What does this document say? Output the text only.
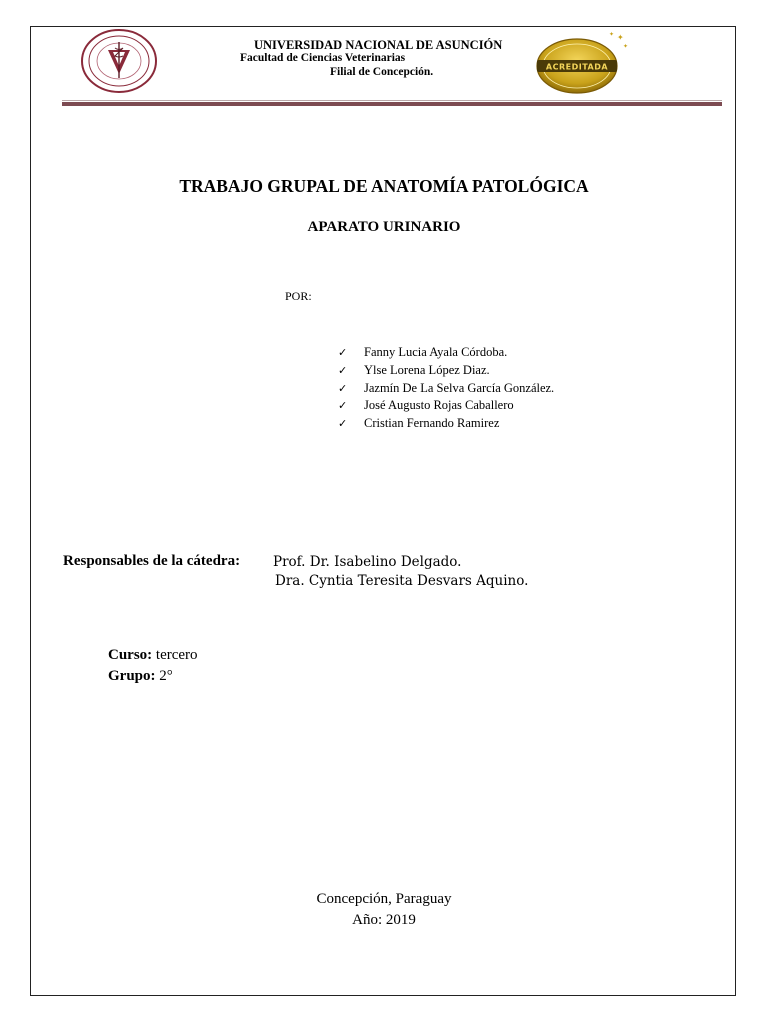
ACREDITADA
✦
✦
✦
UNIVERSIDAD NACIONAL DE ASUNCIÓN
Facultad de Ciencias Veterinarias
Filial de Concepción.
TRABAJO GRUPAL DE ANATOMÍA PATOLÓGICA
APARATO URINARIO
POR:
✓	Fanny Lucia Ayala Córdoba.
✓	Ylse Lorena López Diaz.
✓	Jazmín De La Selva García González.
✓	José Augusto Rojas Caballero
✓	Cristian Fernando Ramirez
Responsables de la cátedra: Prof. Dr. Isabelino Delgado.
Dra. Cyntia Teresita Desvars Aquino.
Curso: tercero
Grupo: 2°
Concepción, Paraguay
Año: 2019
